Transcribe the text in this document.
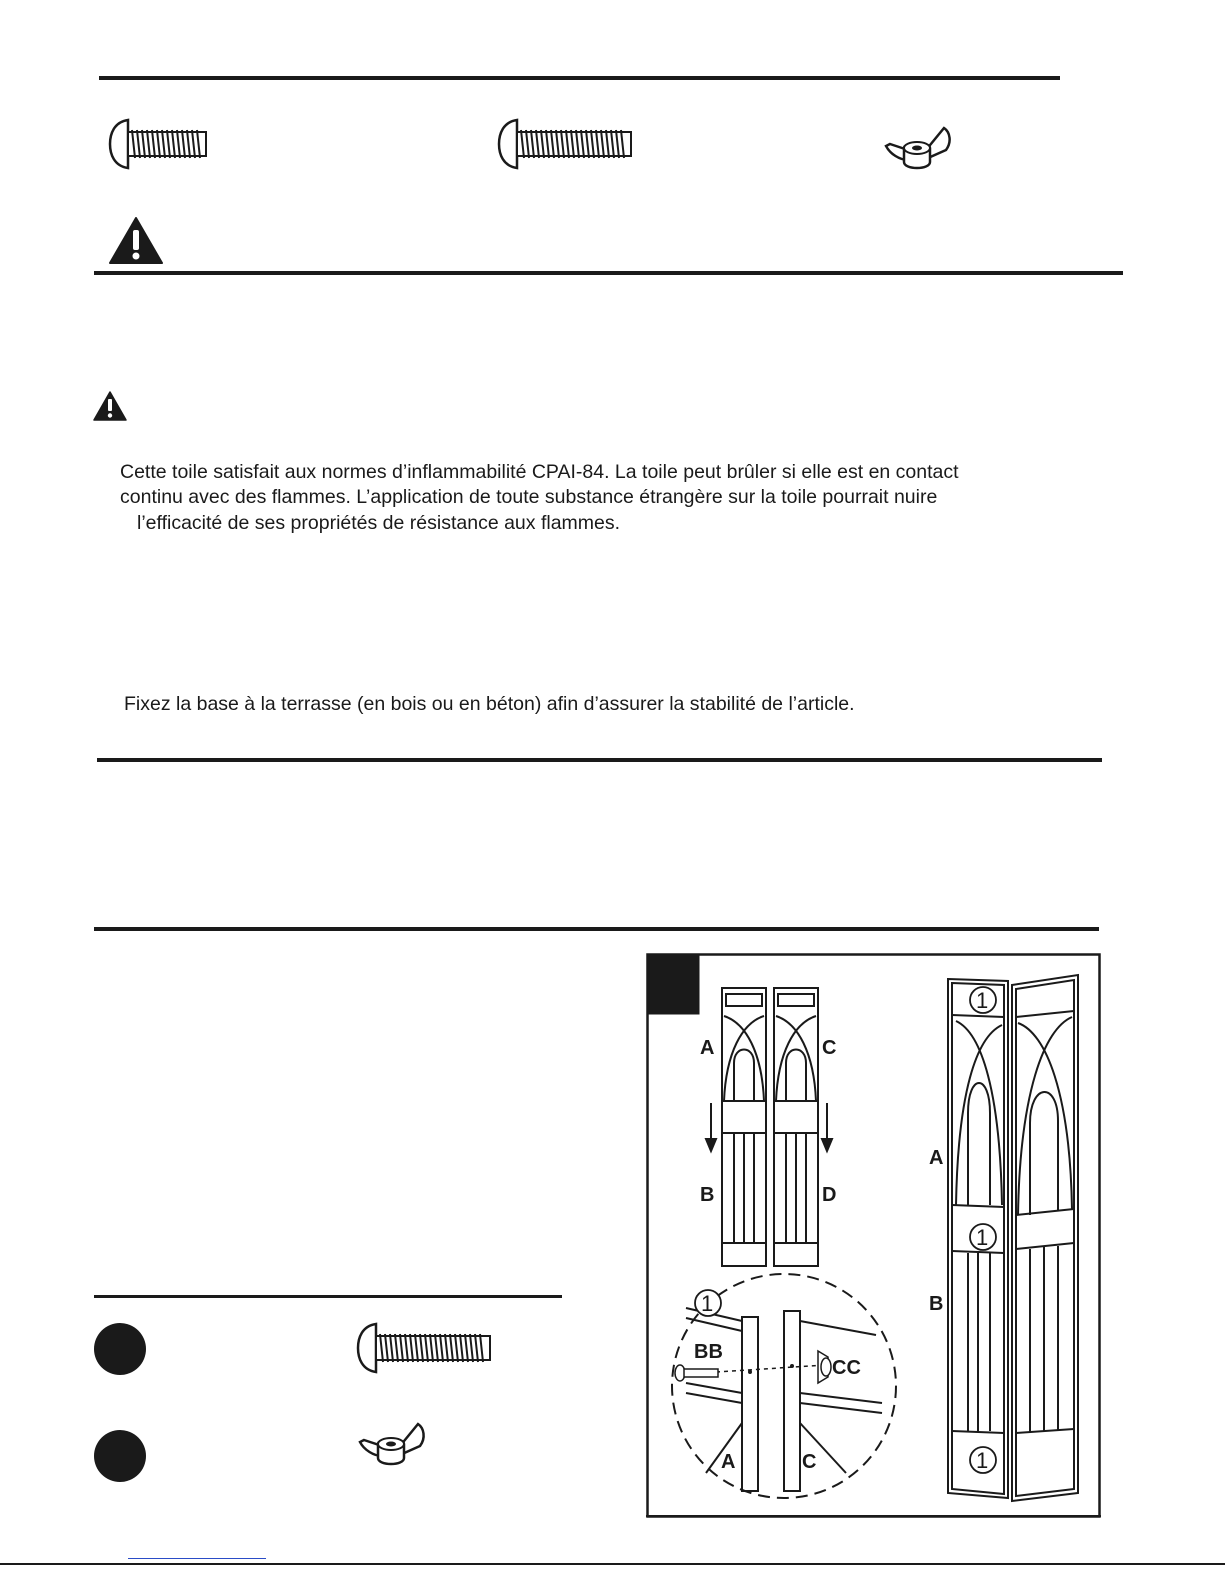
Cette toile satisfait aux normes d’inflammabilité CPAI-84. La toile peut brûler si elle est en contact
continu avec des flammes. L’application de toute substance étrangère sur la toile pourrait nuire
l’efficacité de ses propriétés de résistance aux flammes.
Fixez la base à la terrasse (en bois ou en béton) afin d’assurer la stabilité de l’article.
A
B
C
D
1
BB
CC
A	C
1
1
1
A
B
